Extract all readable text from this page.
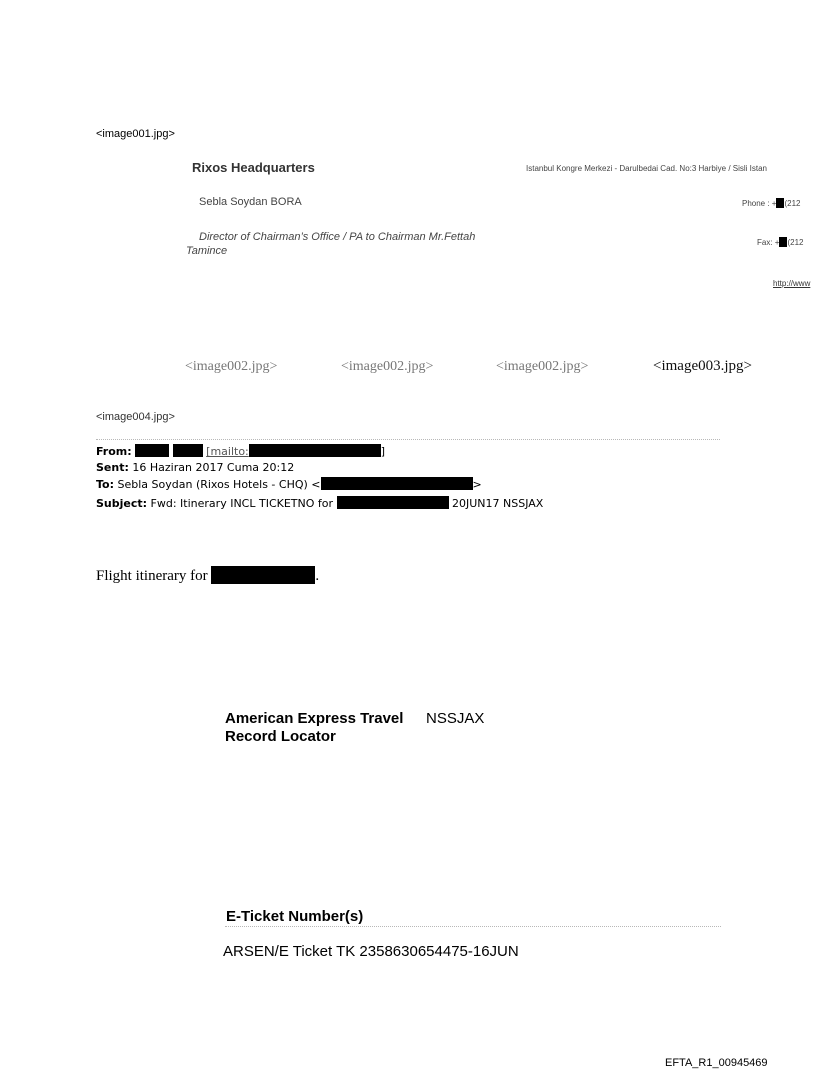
<image001.jpg>
Rixos Headquarters	Istanbul Kongre Merkezi - Darulbedai Cad. No:3 Harbiye / Sisli Istan
Sebla Soydan BORA	Phone : + (212
Director of Chairman’s Office / PA to Chairman Mr.Fettah
Tamince
Fax: + (212
http://www
<image002.jpg>	<image002.jpg>	<image002.jpg>	<image003.jpg>
<image004.jpg>
From:	[mailto:	]
Sent: 16 Haziran 2017 Cuma 20:12
To: Sebla Soydan (Rixos Hotels - CHQ) <	>
Subject: Fwd: Itinerary INCL TICKETNO for	20JUN17 NSSJAX
Flight itinerary for	.
American Express Travel NSSJAX
Record Locator
E-Ticket Number(s)
ARSEN/E Ticket TK 2358630654475-16JUN
EFTA_R1_00945469
